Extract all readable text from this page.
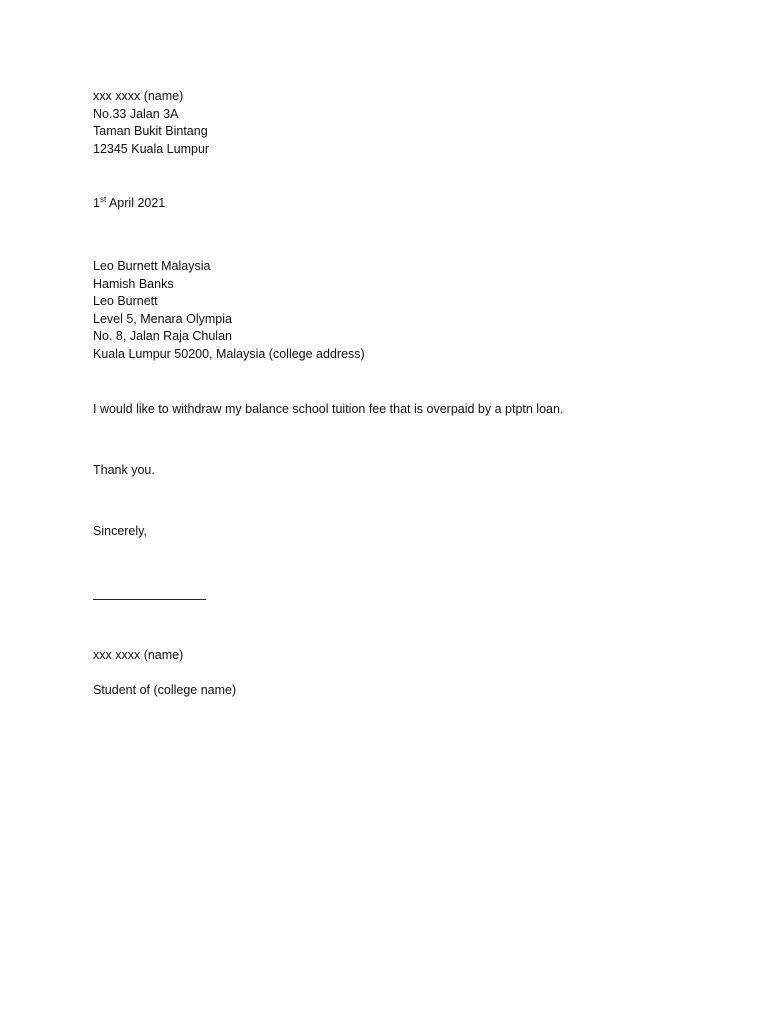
xxx xxxx (name)
No.33 Jalan 3A
Taman Bukit Bintang
12345 Kuala Lumpur
1st April 2021
Leo Burnett Malaysia
Hamish Banks
Leo Burnett
Level 5, Menara Olympia
No. 8, Jalan Raja Chulan
Kuala Lumpur 50200, Malaysia (college address)
I would like to withdraw my balance school tuition fee that is overpaid by a ptptn loan.
Thank you.
Sincerely,
xxx xxxx (name)
Student of (college name)
